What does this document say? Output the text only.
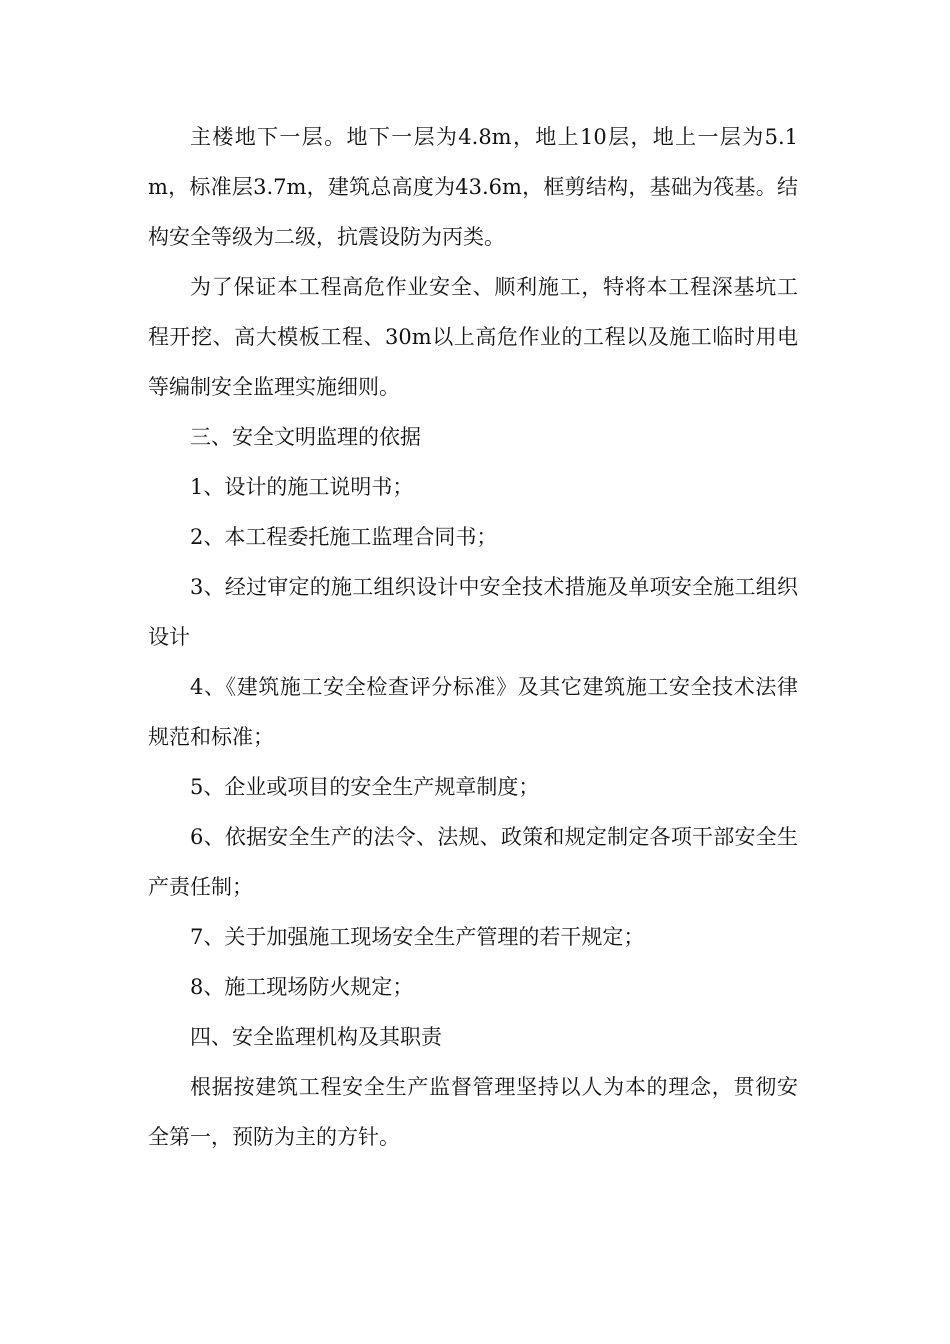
主楼地下一层。地下一层为4.8m，地上10层，地上一层为5.1m，标准层3.7m，建筑总高度为43.6m，框剪结构，基础为筏基。结构安全等级为二级，抗震设防为丙类。

为了保证本工程高危作业安全、顺利施工，特将本工程深基坑工程开挖、高大模板工程、30m以上高危作业的工程以及施工临时用电等编制安全监理实施细则。

三、安全文明监理的依据

1、设计的施工说明书；

2、本工程委托施工监理合同书；

3、经过审定的施工组织设计中安全技术措施及单项安全施工组织设计

4、《建筑施工安全检查评分标准》及其它建筑施工安全技术法律规范和标准；

5、企业或项目的安全生产规章制度；

6、依据安全生产的法令、法规、政策和规定制定各项干部安全生产责任制；

7、关于加强施工现场安全生产管理的若干规定；

8、施工现场防火规定；

四、安全监理机构及其职责

根据按建筑工程安全生产监督管理坚持以人为本的理念，贯彻安全第一，预防为主的方针。
